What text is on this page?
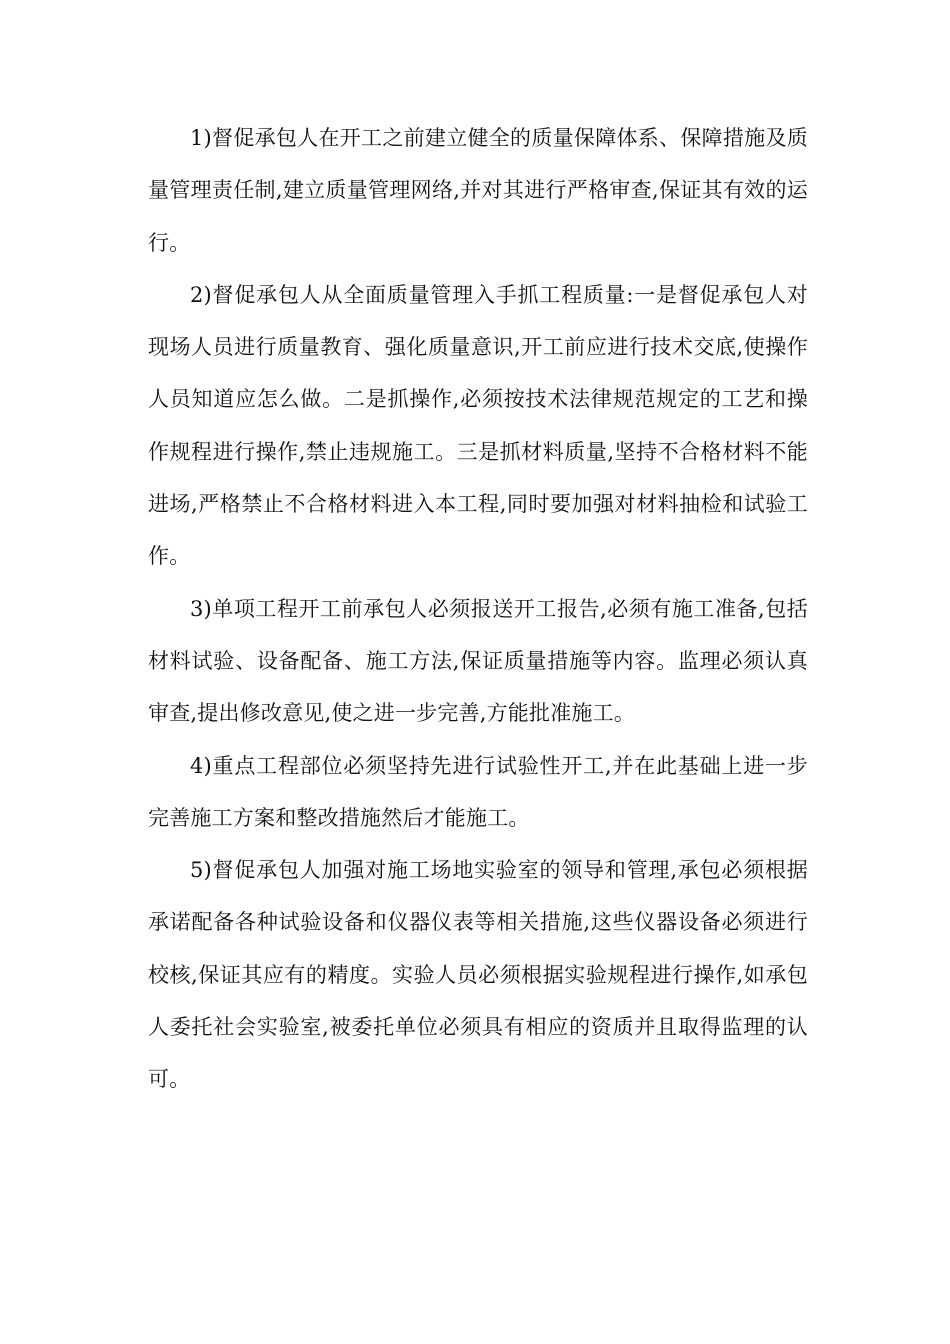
1)督促承包人在开工之前建立健全的质量保障体系、保障措施及质量管理责任制,建立质量管理网络,并对其进行严格审查,保证其有效的运行。

2)督促承包人从全面质量管理入手抓工程质量:一是督促承包人对现场人员进行质量教育、强化质量意识,开工前应进行技术交底,使操作人员知道应怎么做。二是抓操作,必须按技术法律规范规定的工艺和操作规程进行操作,禁止违规施工。三是抓材料质量,坚持不合格材料不能进场,严格禁止不合格材料进入本工程,同时要加强对材料抽检和试验工作。

3)单项工程开工前承包人必须报送开工报告,必须有施工准备,包括材料试验、设备配备、施工方法,保证质量措施等内容。监理必须认真审查,提出修改意见,使之进一步完善,方能批准施工。

4)重点工程部位必须坚持先进行试验性开工,并在此基础上进一步完善施工方案和整改措施然后才能施工。

5)督促承包人加强对施工场地实验室的领导和管理,承包必须根据承诺配备各种试验设备和仪器仪表等相关措施,这些仪器设备必须进行校核,保证其应有的精度。实验人员必须根据实验规程进行操作,如承包人委托社会实验室,被委托单位必须具有相应的资质并且取得监理的认可。
